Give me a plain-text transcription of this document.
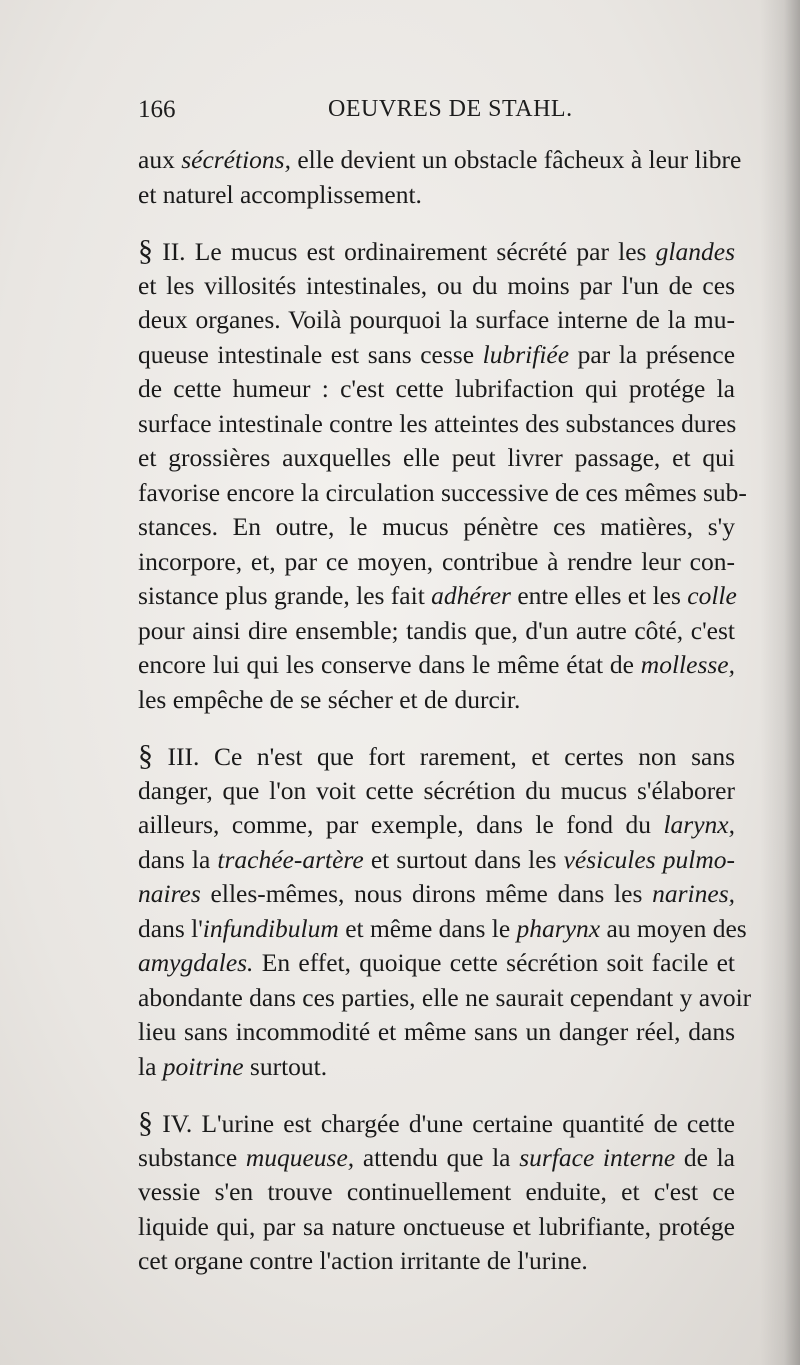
166	OEUVRES DE STAHL.
aux sécrétions, elle devient un obstacle fâcheux à leur libre
et naturel accomplissement.
§ II. Le mucus est ordinairement sécrété par les glandes
et les villosités intestinales, ou du moins par l'un de ces
deux organes. Voilà pourquoi la surface interne de la mu-
queuse intestinale est sans cesse lubrifiée par la présence
de cette humeur : c'est cette lubrifaction qui protége la
surface intestinale contre les atteintes des substances dures
et grossières auxquelles elle peut livrer passage, et qui
favorise encore la circulation successive de ces mêmes sub-
stances. En outre, le mucus pénètre ces matières, s'y
incorpore, et, par ce moyen, contribue à rendre leur con-
sistance plus grande, les fait adhérer entre elles et les colle
pour ainsi dire ensemble; tandis que, d'un autre côté, c'est
encore lui qui les conserve dans le même état de mollesse,
les empêche de se sécher et de durcir.
§ III. Ce n'est que fort rarement, et certes non sans
danger, que l'on voit cette sécrétion du mucus s'élaborer
ailleurs, comme, par exemple, dans le fond du larynx,
dans la trachée-artère et surtout dans les vésicules pulmo-
naires elles-mêmes, nous dirons même dans les narines,
dans l'infundibulum et même dans le pharynx au moyen des
amygdales. En effet, quoique cette sécrétion soit facile et
abondante dans ces parties, elle ne saurait cependant y avoir
lieu sans incommodité et même sans un danger réel, dans
la poitrine surtout.
§ IV. L'urine est chargée d'une certaine quantité de cette
substance muqueuse, attendu que la surface interne de la
vessie s'en trouve continuellement enduite, et c'est ce
liquide qui, par sa nature onctueuse et lubrifiante, protége
cet organe contre l'action irritante de l'urine.
